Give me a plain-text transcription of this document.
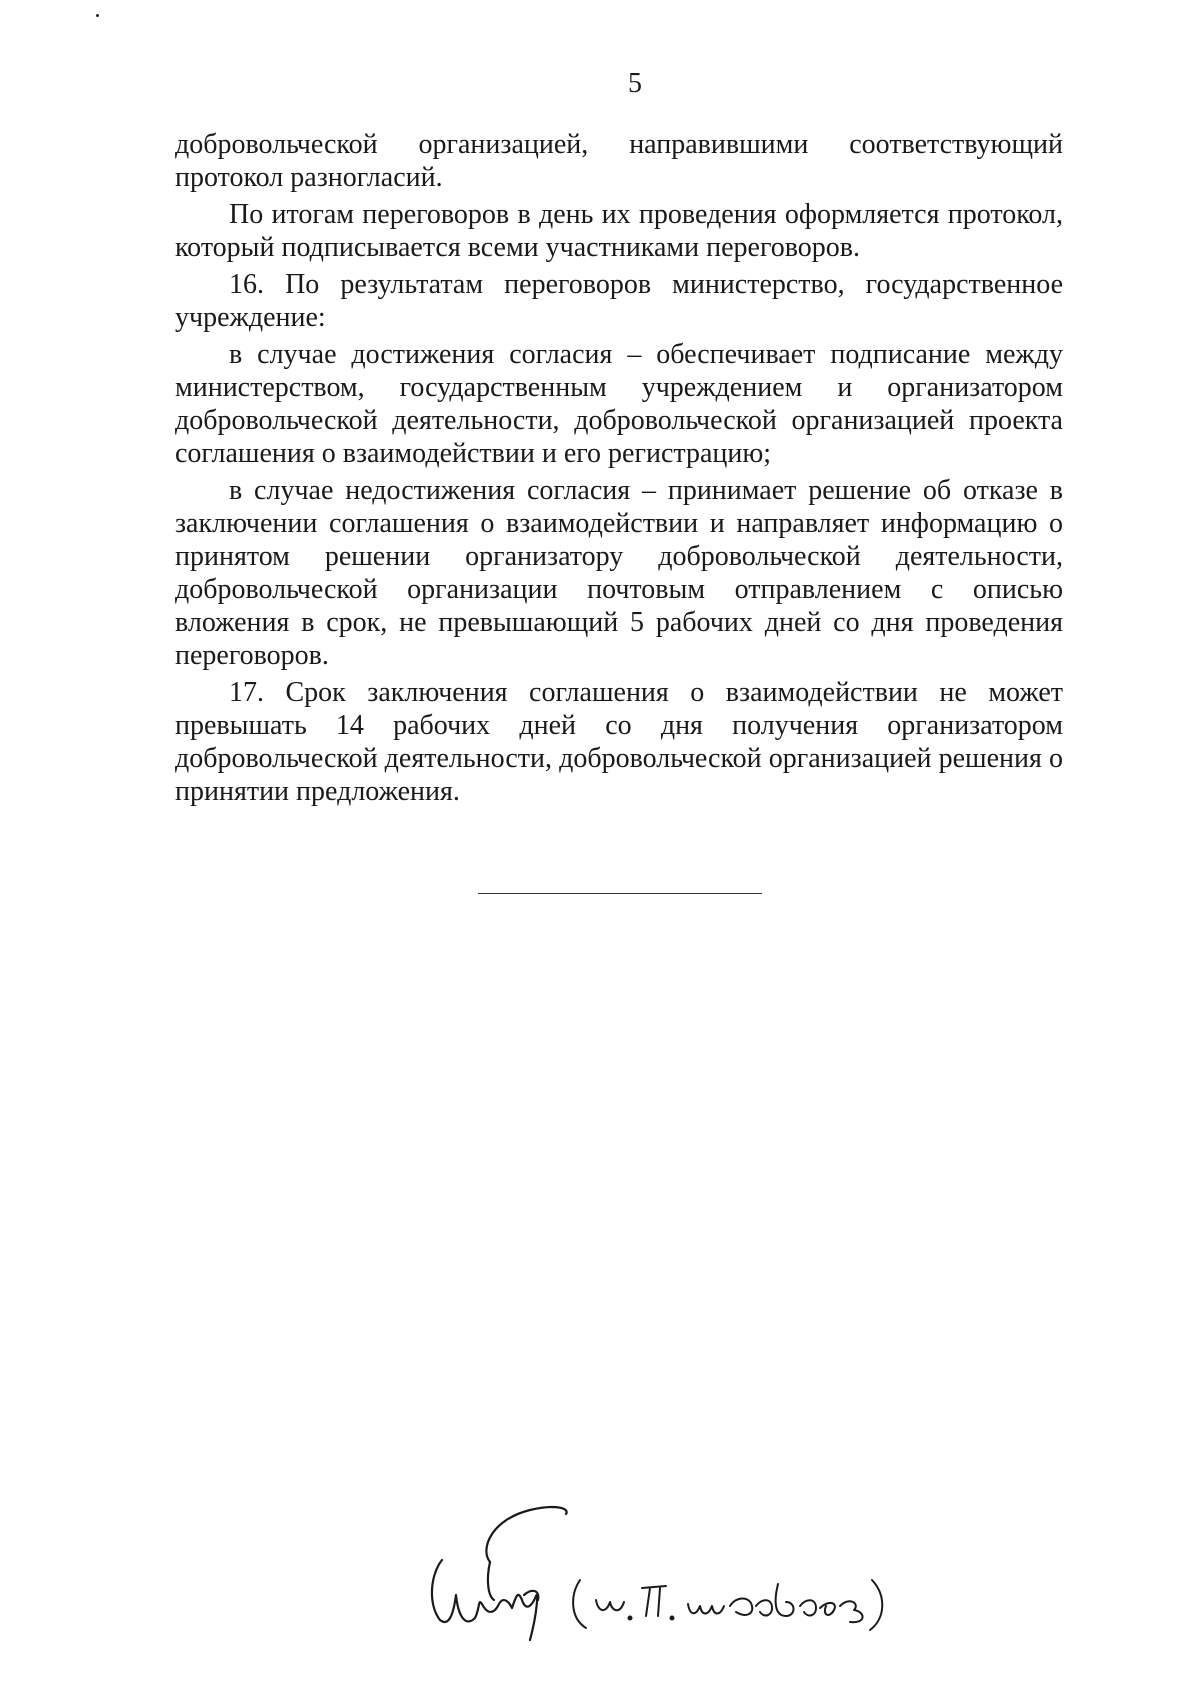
5

добровольческой организацией, направившими соответствующий протокол разногласий.

По итогам переговоров в день их проведения оформляется протокол, который подписывается всеми участниками переговоров.

16. По результатам переговоров министерство, государственное учреждение:

в случае достижения согласия – обеспечивает подписание между министерством, государственным учреждением и организатором добровольческой деятельности, добровольческой организацией проекта соглашения о взаимодействии и его регистрацию;

в случае недостижения согласия – принимает решение об отказе в заключении соглашения о взаимодействии и направляет информацию о принятом решении организатору добровольческой деятельности, добровольческой организации почтовым отправлением с описью вложения в срок, не превышающий 5 рабочих дней со дня проведения переговоров.

17. Срок заключения соглашения о взаимодействии не может превышать 14 рабочих дней со дня получения организатором добровольческой деятельности, добровольческой организацией решения о принятии предложения.
